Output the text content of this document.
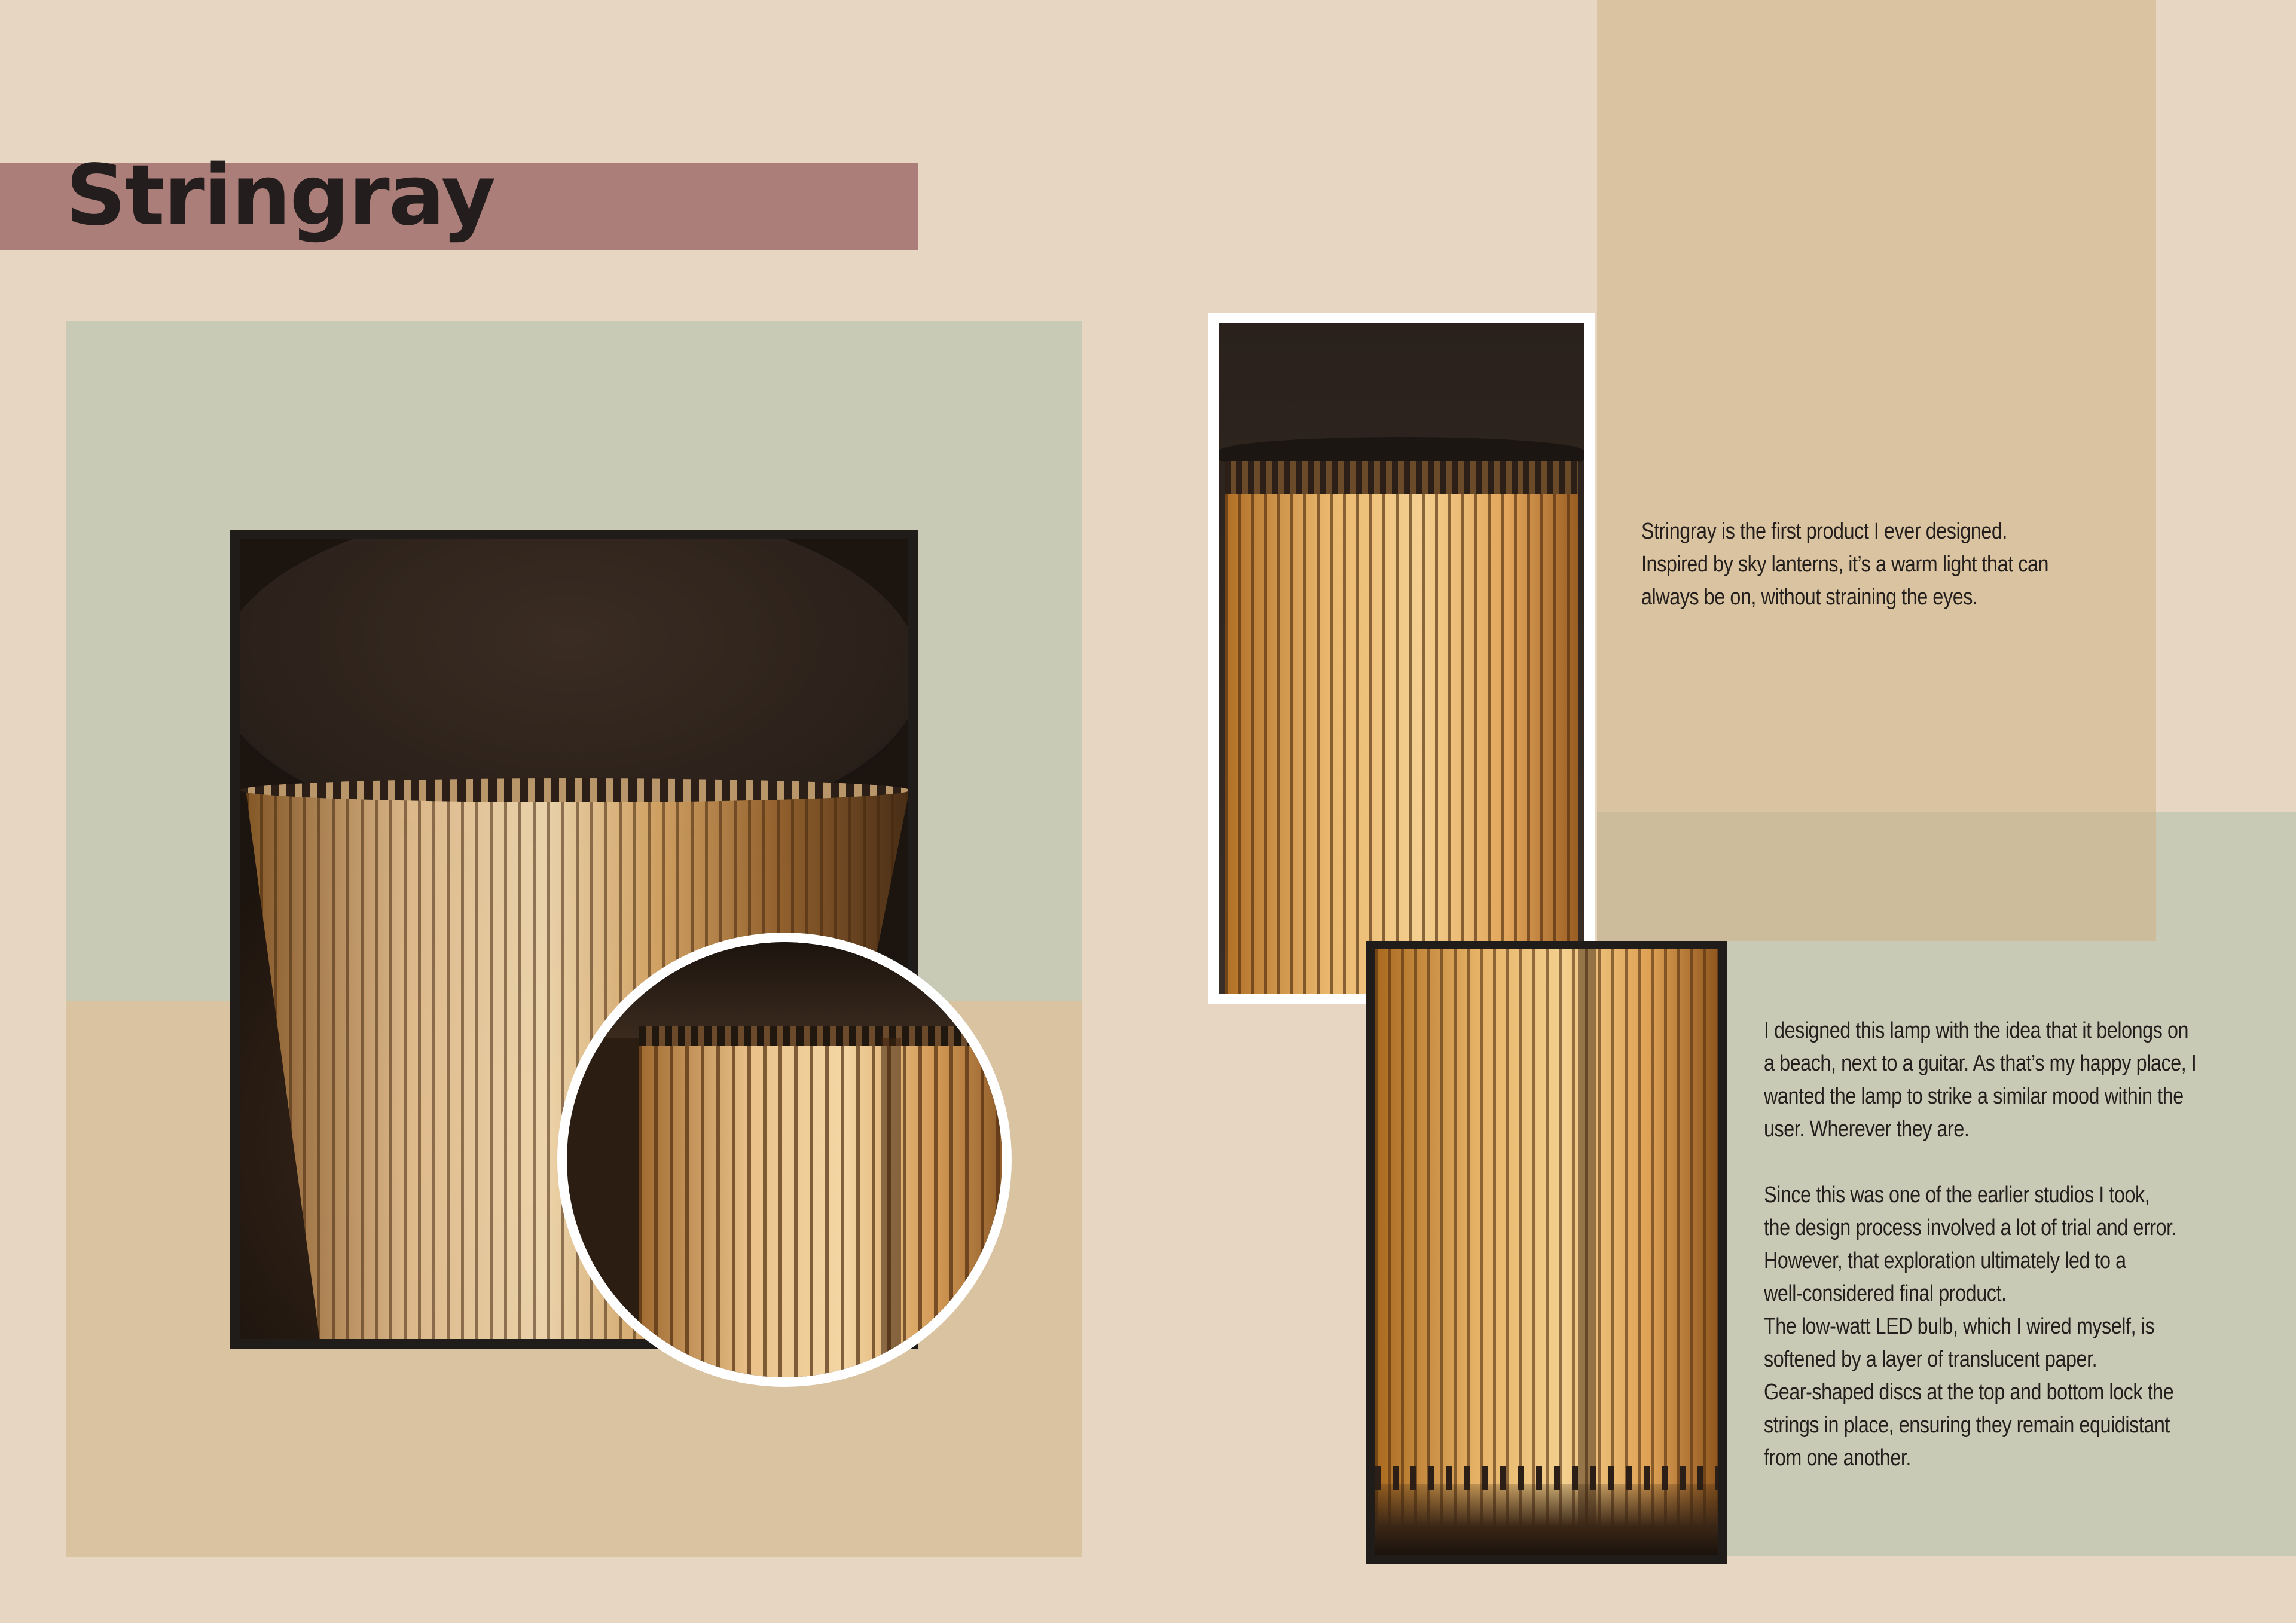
Stringray

Stringray is the first product I ever designed.
Inspired by sky lanterns, it’s a warm light that can
always be on, without straining the eyes.

I designed this lamp with the idea that it belongs on
a beach, next to a guitar. As that’s my happy place, I
wanted the lamp to strike a similar mood within the
user. Wherever they are.

Since this was one of the earlier studios I took,
the design process involved a lot of trial and error.
However, that exploration ultimately led to a
well-considered final product.
The low-watt LED bulb, which I wired myself, is
softened by a layer of translucent paper.
Gear-shaped discs at the top and bottom lock the
strings in place, ensuring they remain equidistant
from one another.
